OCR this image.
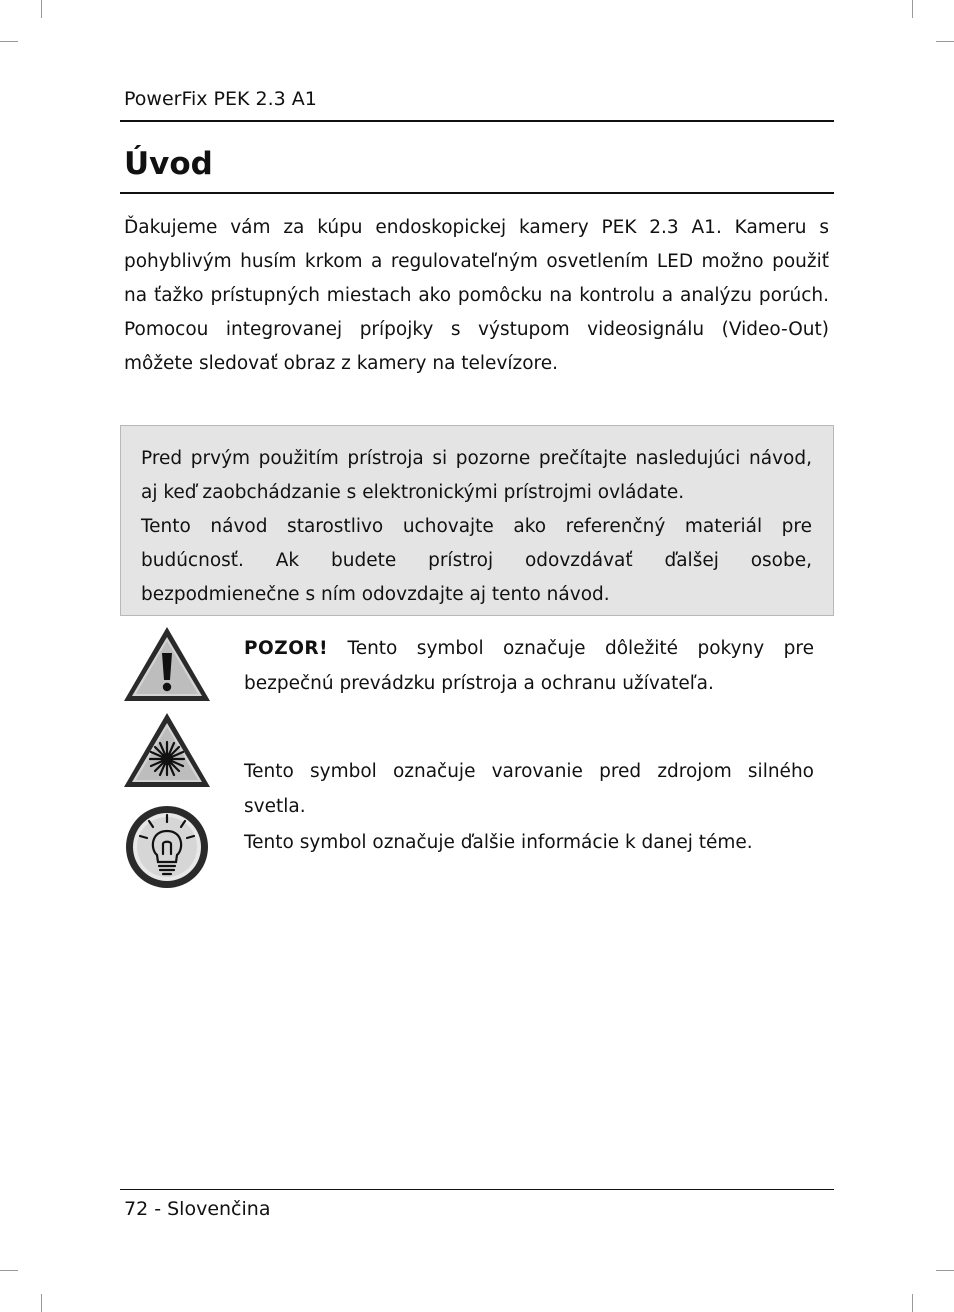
PowerFix PEK 2.3 A1
Úvod

Ďakujeme vám za kúpu endoskopickej kamery PEK 2.3 A1. Kameru s pohyblivým husím krkom a regulovateľným osvetlením LED možno použiť na ťažko prístupných miestach ako pomôcku na kontrolu a analýzu porúch. Pomocou integrovanej prípojky s výstupom videosignálu (Video-Out) môžete sledovať obraz z kamery na televízore.

Pred prvým použitím prístroja si pozorne prečítajte nasledujúci návod, aj keď zaobchádzanie s elektronickými prístrojmi ovládate.

Tento návod starostlivo uchovajte ako referenčný materiál pre budúcnosť. Ak budete prístroj odovzdávať ďalšej osobe, bezpodmienečne s ním odovzdajte aj tento návod.

POZOR! Tento symbol označuje dôležité pokyny pre bezpečnú prevádzku prístroja a ochranu užívateľa.

Tento symbol označuje varovanie pred zdrojom silného svetla.

Tento symbol označuje ďalšie informácie k danej téme.

72 - Slovenčina
